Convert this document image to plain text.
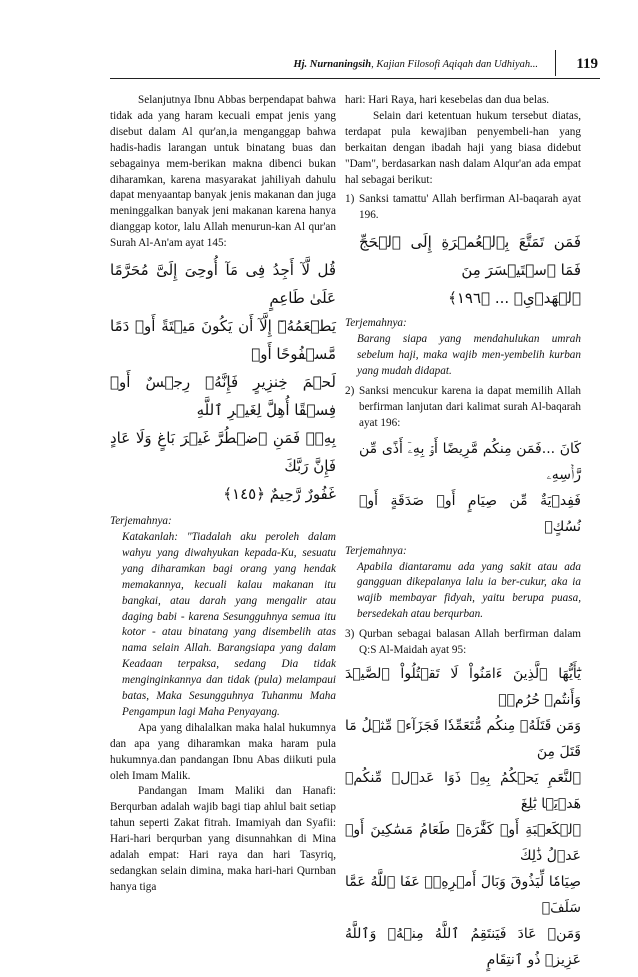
Hj. Nurnaningsih, Kajian Filosofi Aqiqah dan Udhiyah...	119

Selanjutnya Ibnu Abbas berpendapat bahwa tidak ada yang haram kecuali empat jenis yang disebut dalam Al qur'an,ia menganggap bahwa hadis-hadis larangan untuk binatang buas dan sebagainya mem-berikan makna dibenci bukan diharamkan, karena masyarakat jahiliyah dahulu dapat menyaantap banyak jenis makanan dan juga meninggalkan banyak jeni makanan karena hanya dianggap kotor, lalu Allah menurun-kan Al qur'an Surah Al-An'am ayat 145:

قُل لَّآ أَجِدُ فِى مَآ أُوحِىَ إِلَىَّ مُحَرَّمًا عَلَىٰ طَاعِمٍ
يَطۡعَمُهُۥٓ إِلَّآ أَن يَكُونَ مَيۡتَةً أَوۡ دَمًا مَّسۡفُوحًا أَوۡ
لَحۡمَ خِنزِيرٍ فَإِنَّهُۥ رِجۡسٌ أَوۡ فِسۡقًا أُهِلَّ لِغَيۡرِ ٱللَّهِ
بِهِۦۚ فَمَنِ ٱضۡطُرَّ غَيۡرَ بَاغٍ وَلَا عَادٍ فَإِنَّ رَبَّكَ
غَفُورٌ رَّحِيمٌ ﴿١٤٥﴾

Terjemahnya:

Katakanlah: "Tiadalah aku peroleh dalam wahyu yang diwahyukan kepada-Ku, sesuatu yang diharamkan bagi orang yang hendak memakannya, kecuali kalau makanan itu bangkai, atau darah yang mengalir atau daging babi - karena Sesungguhnya semua itu kotor - atau binatang yang disembelih atas nama selain Allah. Barangsiapa yang dalam Keadaan terpaksa, sedang Dia tidak menginginkannya dan tidak (pula) melampaui batas, Maka Sesungguhnya Tuhanmu Maha Pengampun lagi Maha Penyayang.

Apa yang dihalalkan maka halal hukumnya dan apa yang diharamkan maka haram pula hukumnya.dan pandangan Ibnu Abas diikuti pula oleh Imam Malik.

Pandangan Imam Maliki dan Hanafi: Berqurban adalah wajib bagi tiap ahlul bait setiap tahun seperti Zakat fitrah. Imamiyah dan Syafii: Hari-hari berqurban yang disunnahkan di Mina adalah empat: Hari raya dan hari Tasyriq, sedangkan selain dimina, maka hari-hari Qurnban hanya tiga

hari: Hari Raya, hari kesebelas dan dua belas.

Selain dari ketentuan hukum tersebut diatas, terdapat pula kewajiban penyembeli-han yang berkaitan dengan ibadah haji yang biasa didebut "Dam", berdasarkan nash dalam Alqur'an ada empat hal sebagai berikut:

1) Sanksi tamattu' Allah berfirman Al-baqarah ayat 196.
فَمَن تَمَتَّعَ بِٱلۡعُمۡرَةِ إِلَى ٱلۡحَجِّ فَمَا ٱسۡتَيۡسَرَ مِنَ
ٱلۡهَدۡىِۚ ... ﴿١٩٦﴾

Terjemahnya:

Barang siapa yang mendahulukan umrah sebelum haji, maka wajib men-yembelih kurban yang mudah didapat.

2) Sanksi mencukur karena ia dapat memilih Allah berfirman lanjutan dari kalimat surah Al-baqarah ayat 196:
كَانَ ...فَمَن مِنكُم مَّرِيضًا أَوۡ بِهِۦٓ أَذًى مِّن رَّأۡسِهِۦ
فَفِدۡيَةٌ مِّن صِيَامٍ أَوۡ صَدَقَةٍ أَوۡ نُسُكٍۚ

Terjemahnya:

Apabila diantaramu ada yang sakit atau ada gangguan dikepalanya lalu ia ber-cukur, aka ia wajib membayar fidyah, yaitu berupa puasa, bersedekah atau berqurban.

3) Qurban sebagai balasan Allah berfirman dalam Q:S Al-Maidah ayat 95:
يَٰٓأَيُّهَا ٱلَّذِينَ ءَامَنُواْ لَا تَقۡتُلُواْ ٱلصَّيۡدَ وَأَنتُمۡ حُرُمٞۚ
وَمَن قَتَلَهُۥ مِنكُم مُّتَعَمِّدٗا فَجَزَآءٞ مِّثۡلُ مَا قَتَلَ مِنَ
ٱلنَّعَمِ يَحۡكُمُ بِهِۦ ذَوَا عَدۡلٖ مِّنكُمۡ هَدۡيَۢا بَٰلِغَ
ٱلۡكَعۡبَةِ أَوۡ كَفَّٰرَةٞ طَعَامُ مَسَٰكِينَ أَوۡ عَدۡلُ ذَٰلِكَ
صِيَامٗا لِّيَذُوقَ وَبَالَ أَمۡرِهِۦۗ عَفَا ٱللَّهُ عَمَّا سَلَفَۚ
وَمَنۡ عَادَ فَيَنتَقِمُ ٱللَّهُ مِنۡهُۚ وَٱللَّهُ عَزِيزٞ ذُو ٱنتِقَامٍ
